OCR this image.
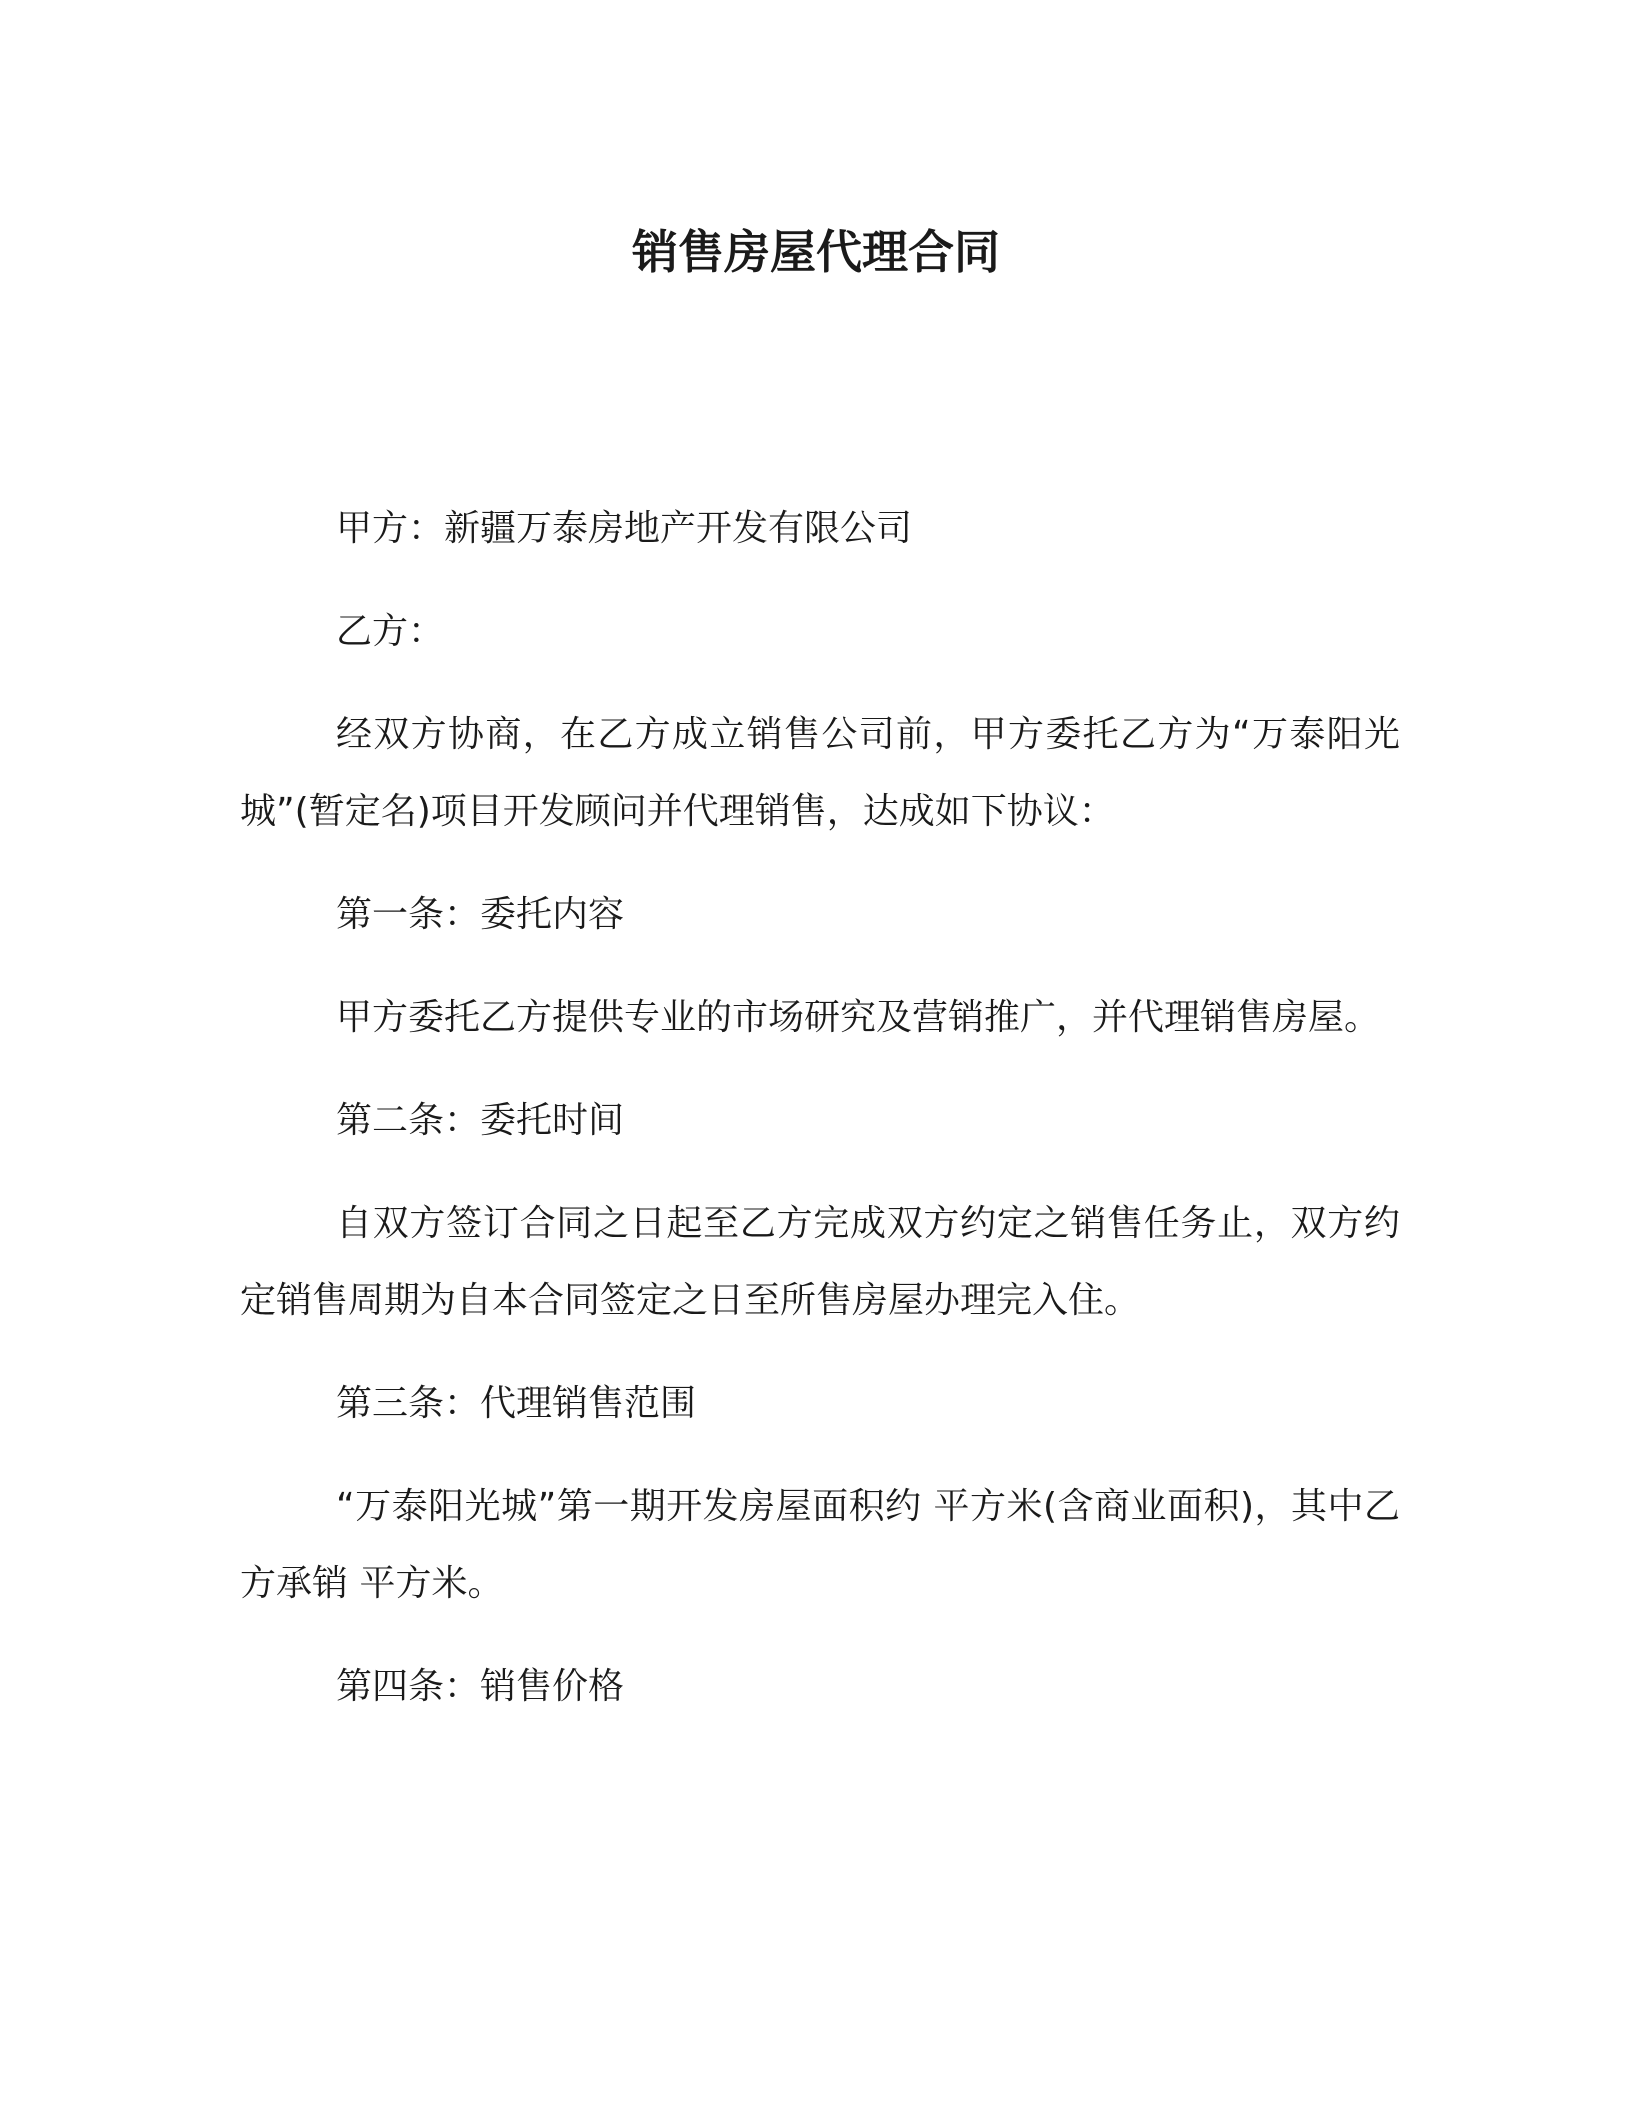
销售房屋代理合同

甲方：新疆万泰房地产开发有限公司

乙方：

经双方协商，在乙方成立销售公司前，甲方委托乙方为“万泰阳光城”(暂定名)项目开发顾问并代理销售，达成如下协议：

第一条：委托内容

甲方委托乙方提供专业的市场研究及营销推广，并代理销售房屋。

第二条：委托时间

自双方签订合同之日起至乙方完成双方约定之销售任务止，双方约定销售周期为自本合同签定之日至所售房屋办理完入住。

第三条：代理销售范围

“万泰阳光城”第一期开发房屋面积约 平方米(含商业面积)，其中乙方承销 平方米。

第四条：销售价格
